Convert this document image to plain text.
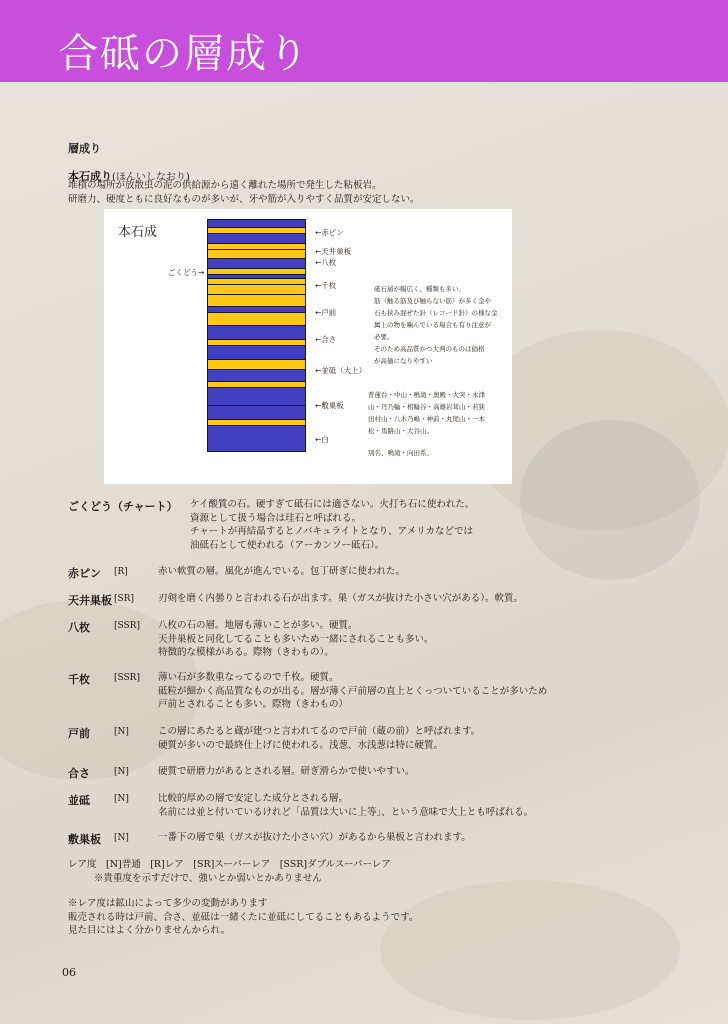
合砥の層成り
層成り
本石成り(ほんいしなおり)
堆積の場所が放散虫の泥の供給源から遠く離れた場所で発生した粘板岩。
研磨力、硬度ともに良好なものが多いが、牙や筋が入りやすく品質が安定しない。
本石成	←赤ピン
←天井巣板
←八枚
←千枚
←戸前
←合さ
←並砥（大上）
←敷巣板
←白
ごくどう→
砥石層が幅広く、種類も多い。
筋（触る筋及び触らない筋）が多く金や
石も挟み混ぜた針（レコード針）の様な金
属上の物を噛んでいる場合も有り注意が
必要。
そのため高品質かつ大判のものは価格
が高価になりやすい
普蓮台・中山・鳴滝・奥殿・大突・木津
山・丹乃輪・相輪谷・高雄岩茸山・若狭
田村山・八木乃嶋・神前・丸尾山・一本
松・馬路山・大谷山。
別名、鳴滝・向田系。
ごくどう（チャート） ケイ酸質の石。硬すぎて砥石には適さない。火打ち石に使われた。
資源として扱う場合は珪石と呼ばれる。
チャートが再結晶するとノバキュライトとなり、アメリカなどでは
油砥石として使われる（アーカンソー砥石）。
赤ピン [R]	赤い軟質の層。風化が進んでいる。包丁研ぎに使われた。
天井巣板 [SR]	刃剣を磨く内曇りと言われる石が出ます。巣（ガスが抜けた小さい穴がある）。軟質。
八枚	[SSR] 八枚の石の層。地層も薄いことが多い。硬質。
天井巣板と同化してることも多いため一緒にされることも多い。
特徴的な模様がある。際物（きわもの）。
千枚	[SSR] 薄い石が多数重なってるので千枚。硬質。
砥粒が細かく高品質なものが出る。層が薄く戸前層の直上とくっついていることが多いため
戸前とされることも多い。際物（きわもの）
戸前	[N]	この層にあたると蔵が建つと言われてるので戸前（蔵の前）と呼ばれます。
硬質が多いので最終仕上げに使われる。浅葱、水浅葱は特に硬質。
合さ	[N]	硬質で研磨力があるとされる層。研ぎ滑らかで使いやすい。
並砥	[N]	比較的厚めの層で安定した成分とされる層。
名前には並と付いているけれど「品質は大いに上等」、という意味で大上とも呼ばれる。
敷巣板 [N]	一番下の層で巣（ガスが抜けた小さい穴）があるから巣板と言われます。
レア度　[N]普通　[R]レア　[SR]スーパーレア　[SSR]ダブルスーパーレア
※貴重度を示すだけで、強いとか弱いとかありません
※レア度は鉱山によって多少の変動があります
販売される時は戸前、合さ、並砥は一緒くたに並砥にしてることもあるようです。
見た目にはよく分かりませんかられ。
06
